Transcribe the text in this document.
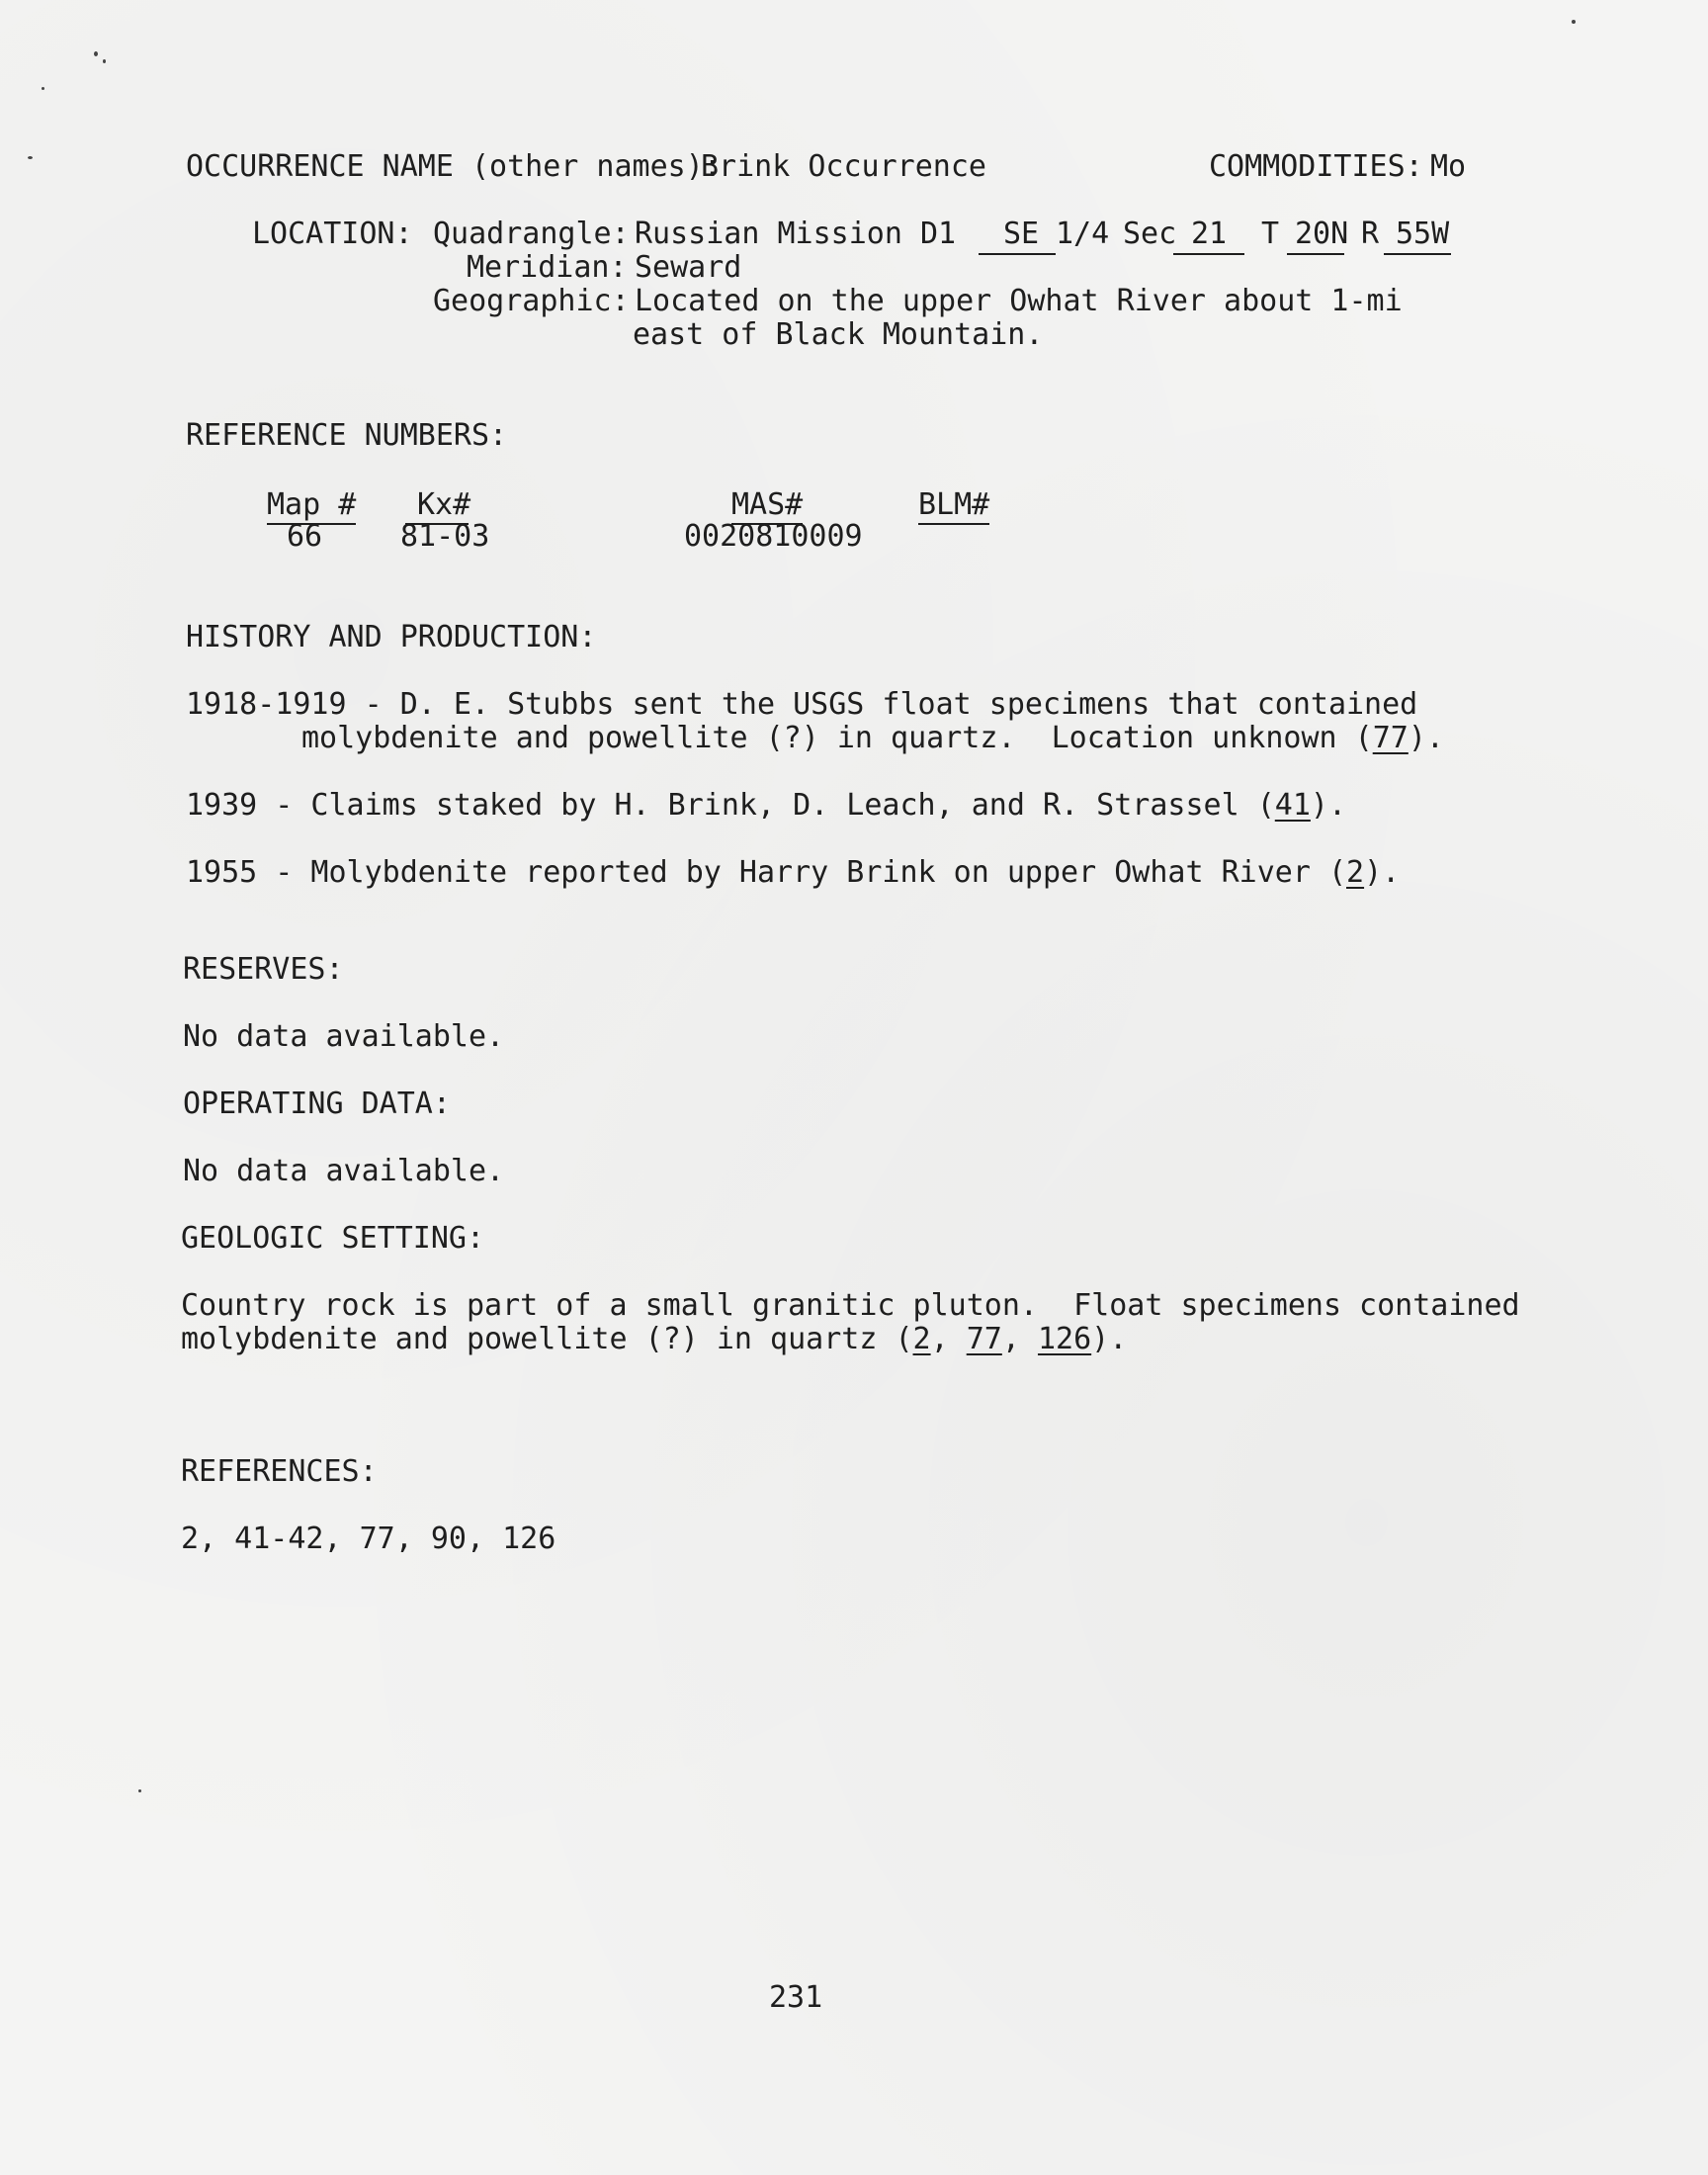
OCCURRENCE NAME (other names):
Brink Occurrence	COMMODITIES: Mo
LOCATION: Quadrangle: Russian Mission D1 SE 1/4 Sec 21 T 20N R 55W
Meridian: Seward
Geographic: Located on the upper Owhat River about 1-mi
east of Black Mountain.
REFERENCE NUMBERS:
Map #
66
Kx#
81-03
MAS#
0020810009
BLM#
HISTORY AND PRODUCTION:
1918-1919 - D. E. Stubbs sent the USGS float specimens that contained
molybdenite and powellite (?) in quartz.  Location unknown (77).
1939 - Claims staked by H. Brink, D. Leach, and R. Strassel (41).
1955 - Molybdenite reported by Harry Brink on upper Owhat River (2).
RESERVES:
No data available.
OPERATING DATA:
No data available.
GEOLOGIC SETTING:
Country rock is part of a small granitic pluton.  Float specimens contained
molybdenite and powellite (?) in quartz (2, 77, 126).
REFERENCES:
2, 41-42, 77, 90, 126
231
